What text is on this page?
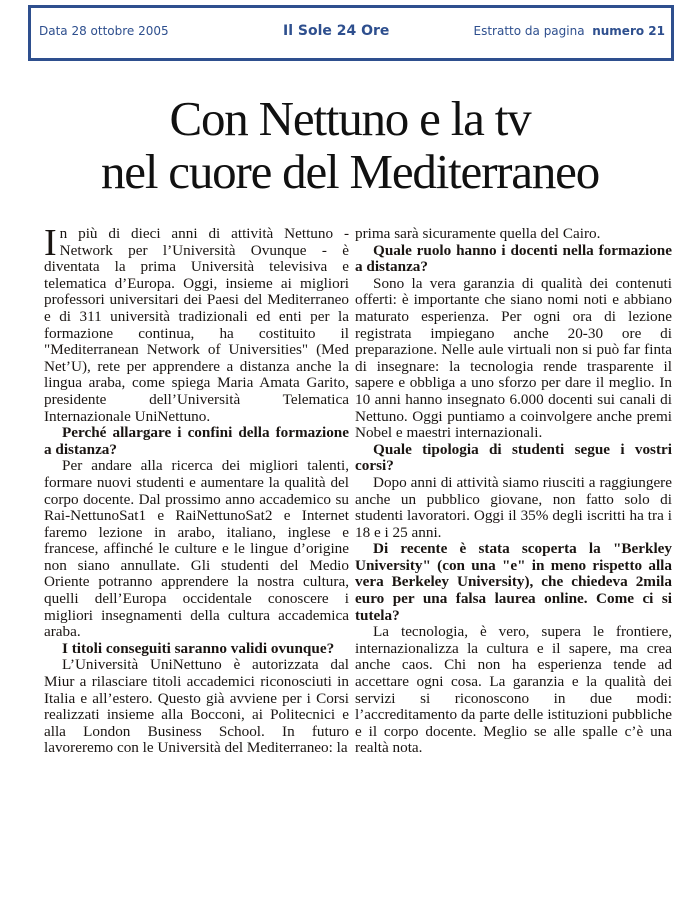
Data 28 ottobre 2005	Il Sole 24 Ore	Estratto da pagina numero 21
Con Nettuno e la tv
nel cuore del Mediterraneo

In più di dieci anni di attività Nettuno - Network per l’Università Ovunque - è diventata la prima Università televisiva e telematica d’Europa. Oggi, insieme ai migliori professori universitari dei Paesi del Mediterraneo e di 311 università tradizionali ed enti per la formazione continua, ha costituito il "Mediterranean Network of Universities" (Med Net’U), rete per apprendere a distanza anche la lingua araba, come spiega Maria Amata Garito, presidente dell’Università Telematica Internazionale UniNettuno.

Perché allargare i confini della formazione a distanza?

Per andare alla ricerca dei migliori talenti, formare nuovi studenti e aumentare la qualità del corpo docente. Dal prossimo anno accademico su Rai-NettunoSat1 e RaiNettunoSat2 e Internet faremo lezione in arabo, italiano, inglese e francese, affinché le culture e le lingue d’origine non siano annullate. Gli studenti del Medio Oriente potranno apprendere la nostra cultura, quelli dell’Europa occidentale conoscere i migliori insegnamenti della cultura accademica araba.

I titoli conseguiti saranno validi ovunque?

L’Università UniNettuno è autorizzata dal Miur a rilasciare titoli accademici riconosciuti in Italia e all’estero. Questo già avviene per i Corsi realizzati insieme alla Bocconi, ai Politecnici e alla London Business School. In futuro lavoreremo con le Università del Mediterraneo: la

prima sarà sicuramente quella del Cairo.

Quale ruolo hanno i docenti nella formazione a distanza?

Sono la vera garanzia di qualità dei contenuti offerti: è importante che siano nomi noti e abbiano maturato esperienza. Per ogni ora di lezione registrata impiegano anche 20-30 ore di preparazione. Nelle aule virtuali non si può far finta di insegnare: la tecnologia rende trasparente il sapere e obbliga a uno sforzo per dare il meglio. In 10 anni hanno insegnato 6.000 docenti sui canali di Nettuno. Oggi puntiamo a coinvolgere anche premi Nobel e maestri internazionali.

Quale tipologia di studenti segue i vostri corsi?

Dopo anni di attività siamo riusciti a raggiungere anche un pubblico giovane, non fatto solo di studenti lavoratori. Oggi il 35% degli iscritti ha tra i 18 e i 25 anni.

Di recente è stata scoperta la "Berkley University" (con una "e" in meno rispetto alla vera Berkeley University), che chiedeva 2mila euro per una falsa laurea online. Come ci si tutela?

La tecnologia, è vero, supera le frontiere, internazionalizza la cultura e il sapere, ma crea anche caos. Chi non ha esperienza tende ad accettare ogni cosa. La garanzia e la qualità dei servizi si riconoscono in due modi: l’accreditamento da parte delle istituzioni pubbliche e il corpo docente. Meglio se alle spalle c’è una realtà nota.
